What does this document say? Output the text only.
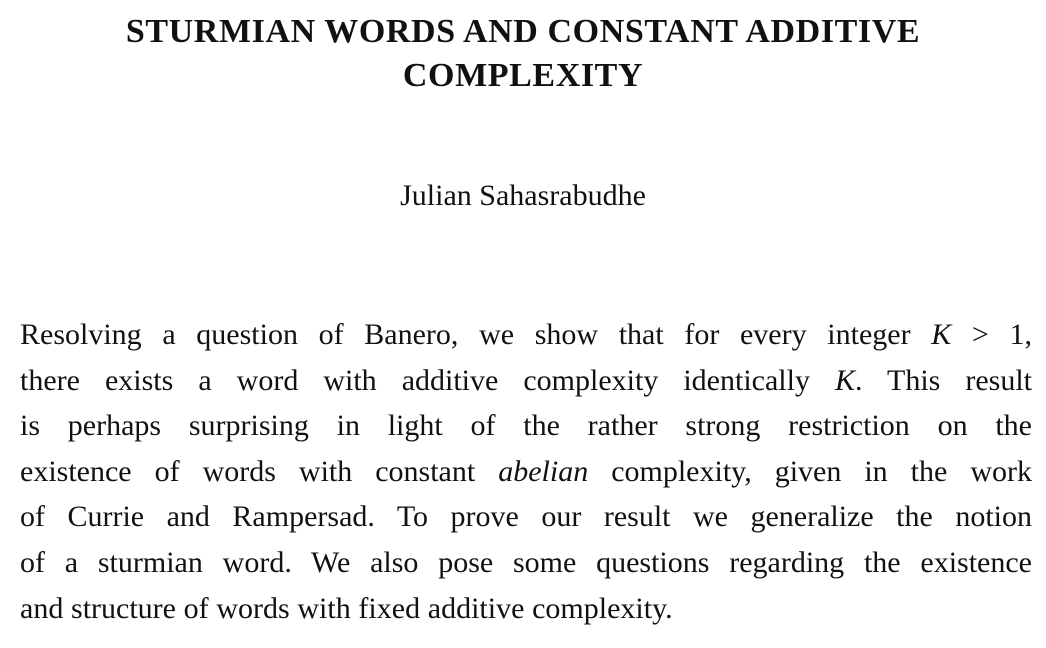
STURMIAN WORDS AND CONSTANT ADDITIVE
COMPLEXITY
Julian Sahasrabudhe
Resolving a question of Banero, we show that for every integer K > 1,
there exists a word with additive complexity identically K. This result
is perhaps surprising in light of the rather strong restriction on the
existence of words with constant abelian complexity, given in the work
of Currie and Rampersad. To prove our result we generalize the notion
of a sturmian word. We also pose some questions regarding the existence
and structure of words with fixed additive complexity.
